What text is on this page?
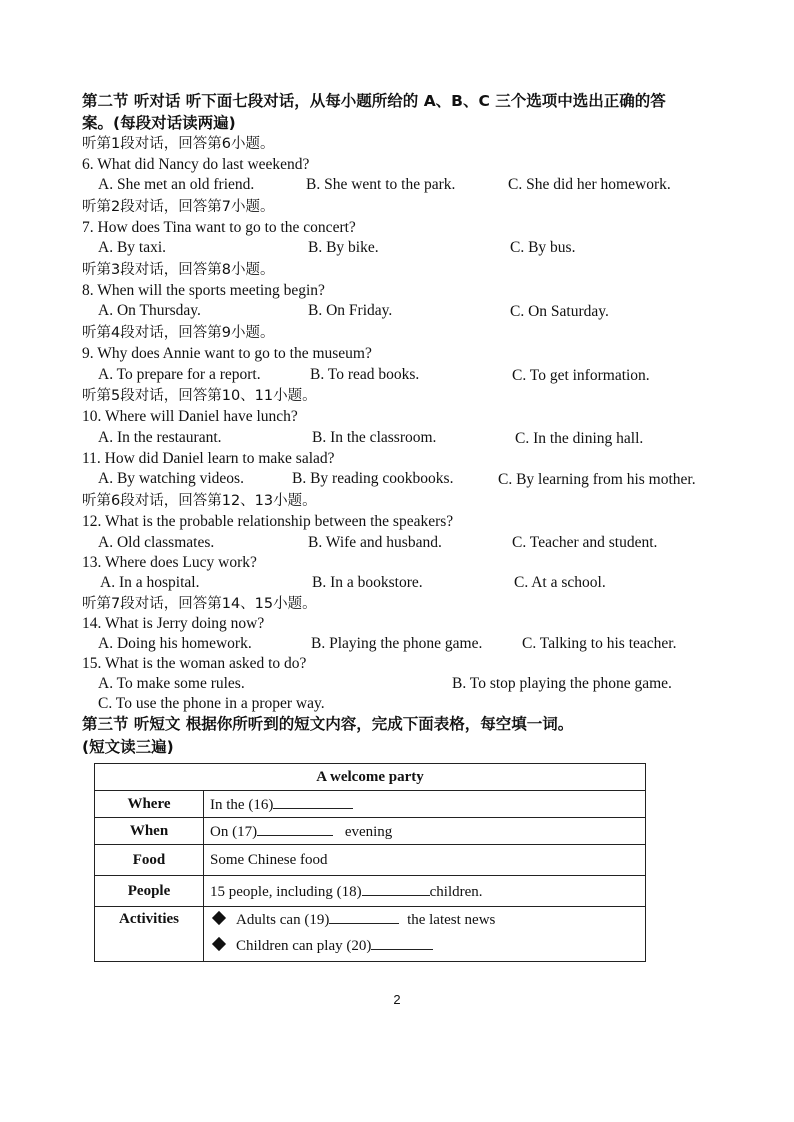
第二节 听对话 听下面七段对话，从每小题所给的 A、B、C 三个选项中选出正确的答
案。(每段对话读两遍)
听第1段对话，回答第6小题。
6. What did Nancy do last weekend?
A. She met an old friend.	B. She went to the park.	C. She did her homework.
听第2段对话，回答第7小题。
7. How does Tina want to go to the concert?
A. By taxi.	B. By bike.	C. By bus.
听第3段对话，回答第8小题。
8. When will the sports meeting begin?
A. On Thursday.	B. On Friday.	C. On Saturday.
听第4段对话，回答第9小题。
9. Why does Annie want to go to the museum?
A. To prepare for a report.	B. To read books.	C. To get information.
听第5段对话，回答第10、11小题。
10. Where will Daniel have lunch?
A. In the restaurant.	B. In the classroom.	C. In the dining hall.
11. How did Daniel learn to make salad?
A. By watching videos.	B. By reading cookbooks.	C. By learning from his mother.
听第6段对话，回答第12、13小题。
12. What is the probable relationship between the speakers?
A. Old classmates.	B. Wife and husband.	C. Teacher and student.
13. Where does Lucy work?
A. In a hospital.	B. In a bookstore.	C. At a school.
听第7段对话，回答第14、15小题。
14. What is Jerry doing now?
A. Doing his homework.	B. Playing the phone game.	C. Talking to his teacher.
15. What is the woman asked to do?
A. To make some rules.	B. To stop playing the phone game.
C. To use the phone in a proper way.
第三节 听短文 根据你所听到的短文内容，完成下面表格，每空填一词。
(短文读三遍)
A welcome party	
Where	In the (16)
When	On (17) evening
Food	Some Chinese food
People	15 people, including (18) children.
Activities	Adults can (19) the latest news
Children can play (20)
2
